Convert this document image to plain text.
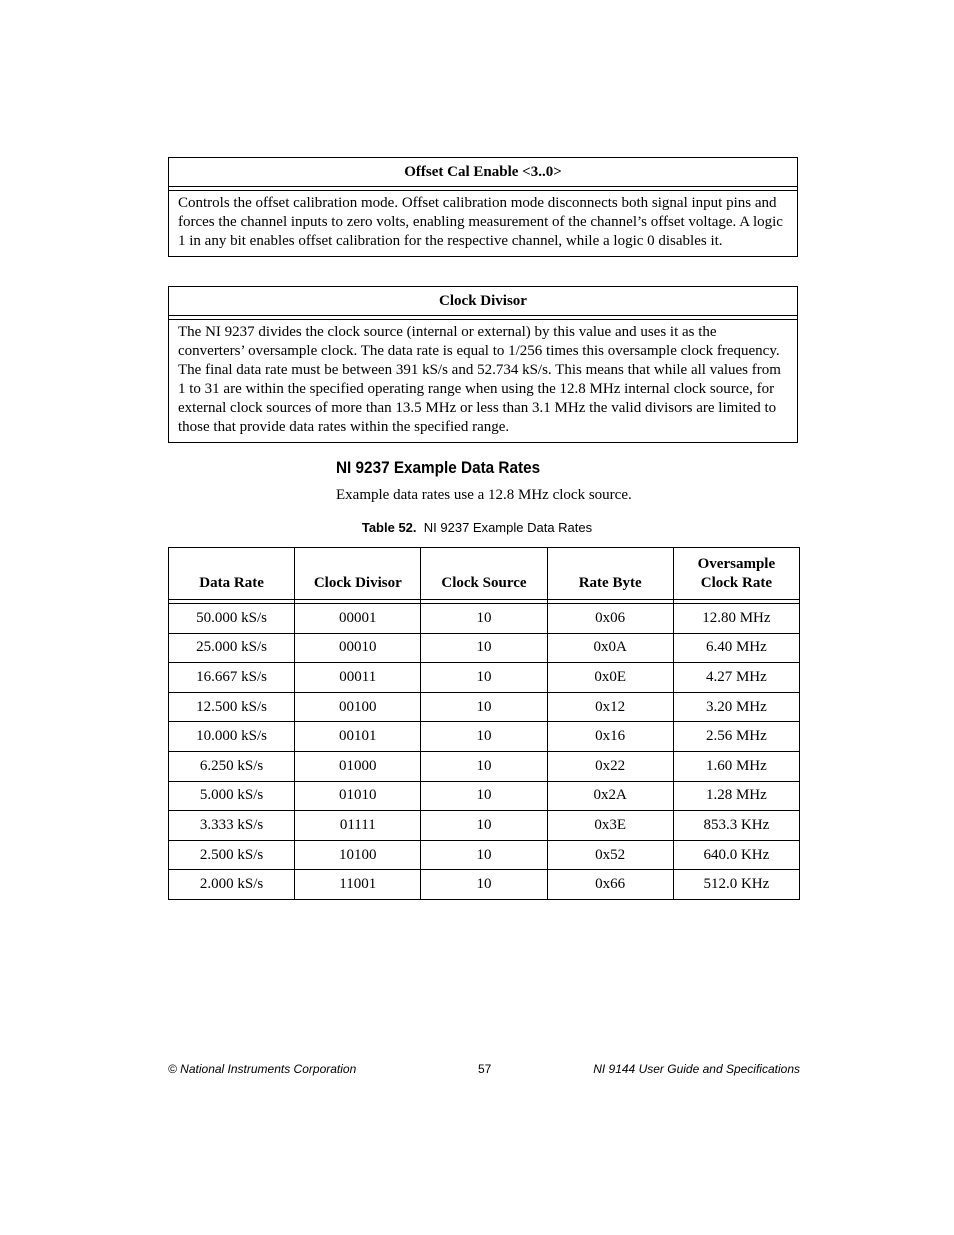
Offset Cal Enable <3..0>
Controls the offset calibration mode. Offset calibration mode disconnects both signal input pins and forces the channel inputs to zero volts, enabling measurement of the channel’s offset voltage. A logic 1 in any bit enables offset calibration for the respective channel, while a logic 0 disables it.
Clock Divisor
The NI 9237 divides the clock source (internal or external) by this value and uses it as the converters’ oversample clock. The data rate is equal to 1/256 times this oversample clock frequency. The final data rate must be between 391 kS/s and 52.734 kS/s. This means that while all values from 1 to 31 are within the specified operating range when using the 12.8 MHz internal clock source, for external clock sources of more than 13.5 MHz or less than 3.1 MHz the valid divisors are limited to those that provide data rates within the specified range.
NI 9237 Example Data Rates
Example data rates use a 12.8 MHz clock source.
Table 52. NI 9237 Example Data Rates
Data Rate	Clock Divisor	Clock Source	Rate Byte	Oversample Clock Rate

50.000 kS/s	00001	10	0x06	12.80 MHz
25.000 kS/s	00010	10	0x0A	6.40 MHz
16.667 kS/s	00011	10	0x0E	4.27 MHz
12.500 kS/s	00100	10	0x12	3.20 MHz
10.000 kS/s	00101	10	0x16	2.56 MHz
6.250 kS/s	01000	10	0x22	1.60 MHz
5.000 kS/s	01010	10	0x2A	1.28 MHz
3.333 kS/s	01111	10	0x3E	853.3 KHz
2.500 kS/s	10100	10	0x52	640.0 KHz
2.000 kS/s	11001	10	0x66	512.0 KHz
© National Instruments Corporation	57	NI 9144 User Guide and Specifications
